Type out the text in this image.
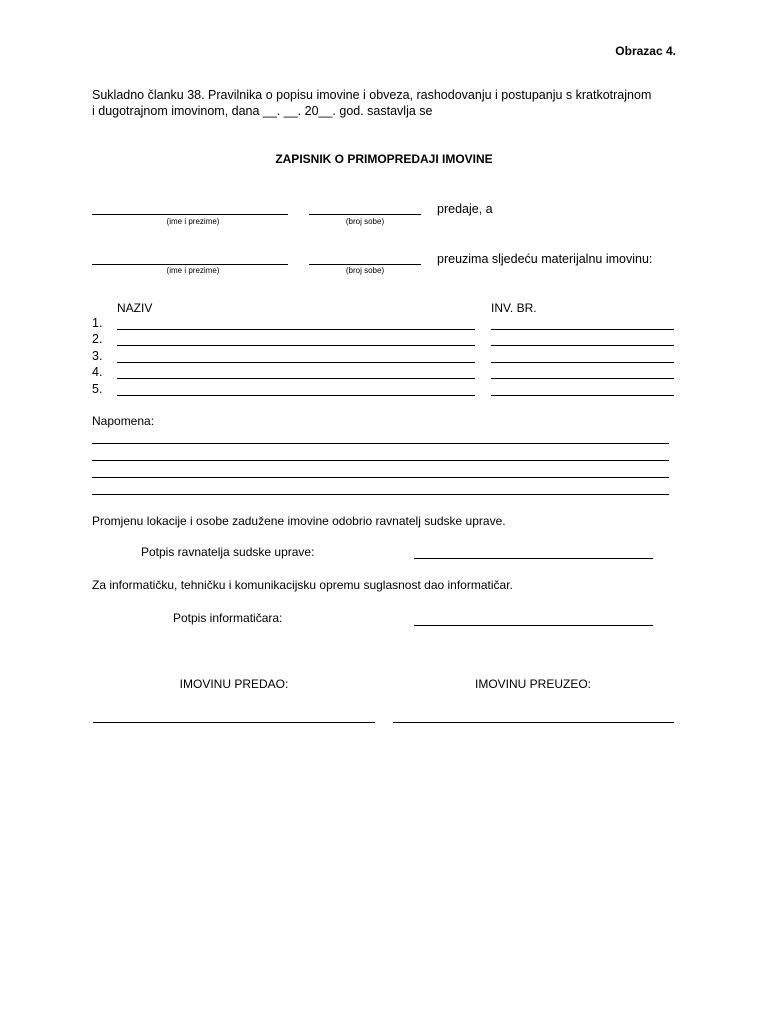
Obrazac 4.
Sukladno članku 38. Pravilnika o popisu imovine i obveza, rashodovanju i postupanju s kratkotrajnom
i dugotrajnom imovinom, dana __. __. 20__. god. sastavlja se
ZAPISNIK O PRIMOPREDAJI IMOVINE
predaje, a
(ime i prezime)	(broj sobe)
preuzima sljedeću materijalnu imovinu:
(ime i prezime)	(broj sobe)
NAZIV	INV. BR.
1.
2.
3.
4.
5.
Napomena:
Promjenu lokacije i osobe zadužene imovine odobrio ravnatelj sudske uprave.
Potpis ravnatelja sudske uprave:
Za informatičku, tehničku i komunikacijsku opremu suglasnost dao informatičar.
Potpis informatičara:
IMOVINU PREDAO:	IMOVINU PREUZEO:
